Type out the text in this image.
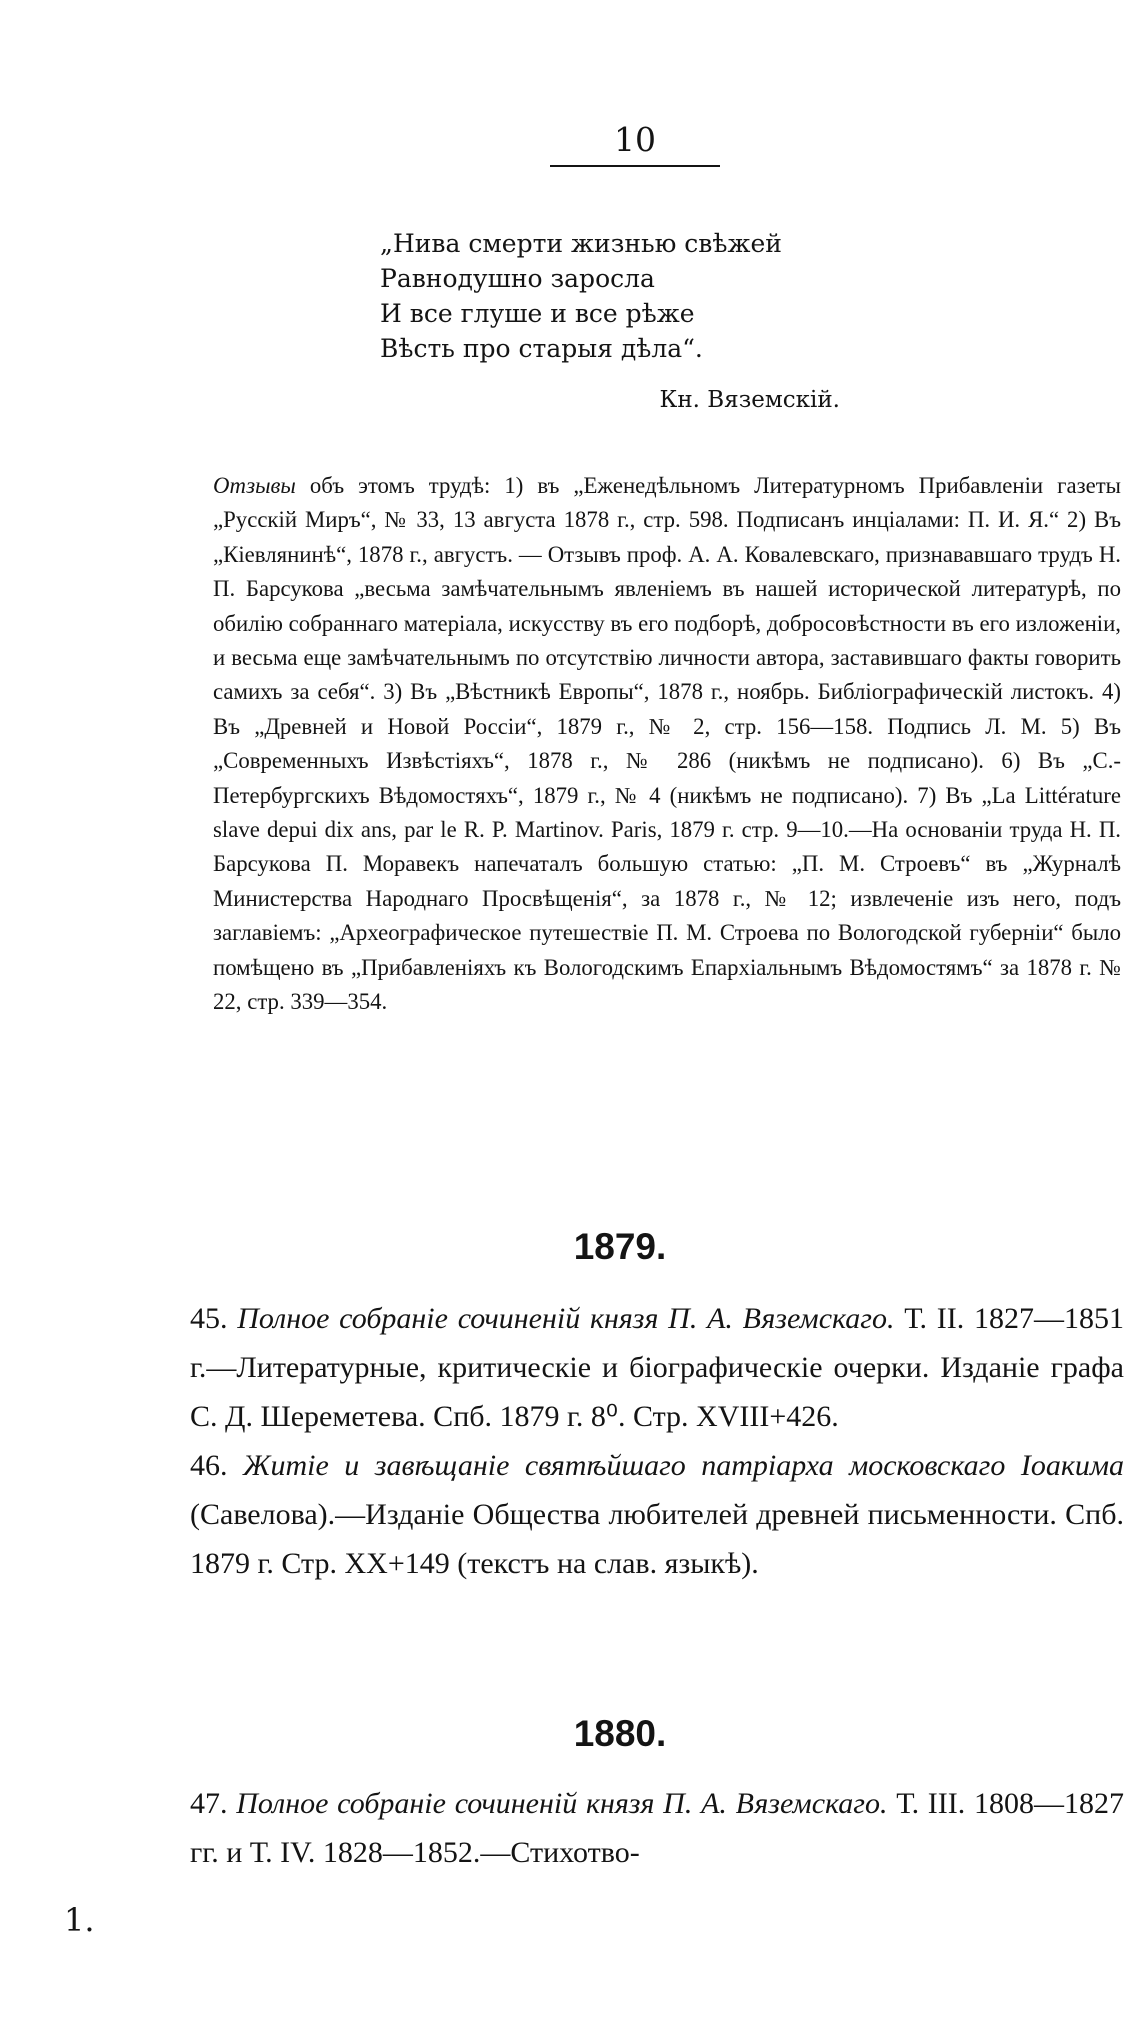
10
„Нива смерти жизнью свѣжей
Равнодушно заросла
И все глуше и все рѣже
Вѣсть про старыя дѣла“.
Кн. Вяземскій.
Отзывы объ этомъ трудѣ: 1) въ „Еженедѣльномъ Литературномъ Прибавленіи газеты „Русскій Миръ“, № 33, 13 августа 1878 г., стр. 598. Подписанъ инціалами: П. И. Я.“ 2) Въ „Кіевлянинѣ“, 1878 г., августъ. — Отзывъ проф. А. А. Ковалевскаго, признававшаго трудъ Н. П. Барсукова „весьма замѣчательнымъ явленіемъ въ нашей исторической литературѣ, по обилію собраннаго матеріала, искусству въ его подборѣ, добросовѣстности въ его изложеніи, и весьма еще замѣчательнымъ по отсутствію личности автора, заставившаго факты говорить самихъ за себя“. 3) Въ „Вѣстникѣ Европы“, 1878 г., ноябрь. Библіографическій листокъ. 4) Въ „Древней и Новой Россіи“, 1879 г., № 2, стр. 156—158. Подпись Л. М. 5) Въ „Современныхъ Извѣстіяхъ“, 1878 г., № 286 (никѣмъ не подписано). 6) Въ „С.-Петербургскихъ Вѣдомостяхъ“, 1879 г., № 4 (никѣмъ не подписано). 7) Въ „La Littérature slave depui dix ans, par le R. P. Martinov. Paris, 1879 г. стр. 9—10.—На основаніи труда Н. П. Барсукова П. Моравекъ напечаталъ большую статью: „П. М. Строевъ“ въ „Журналѣ Министерства Народнаго Просвѣщенія“, за 1878 г., № 12; извлеченіе изъ него, подъ заглавіемъ: „Археографическое путешествіе П. М. Строева по Вологодской губерніи“ было помѣщено въ „Прибавленіяхъ къ Вологодскимъ Епархіальнымъ Вѣдомостямъ“ за 1878 г. № 22, стр. 339—354.
1879.

45. Полное собраніе сочиненій князя П. А. Вяземскаго. Т. II. 1827—1851 г.—Литературные, критическіе и біографическіе очерки. Изданіе графа С. Д. Шереметева. Спб. 1879 г. 8⁰. Стр. XVIII+426.

46. Житіе и завѣщаніе святѣйшаго патріарха московскаго Іоакима (Савелова).—Изданіе Общества любителей древней письменности. Спб. 1879 г. Стр. XX+149 (текстъ на слав. языкѣ).

1880.

47. Полное собраніе сочиненій князя П. А. Вяземскаго. Т. III. 1808—1827 гг. и Т. IV. 1828—1852.—Стихотво-

1.
